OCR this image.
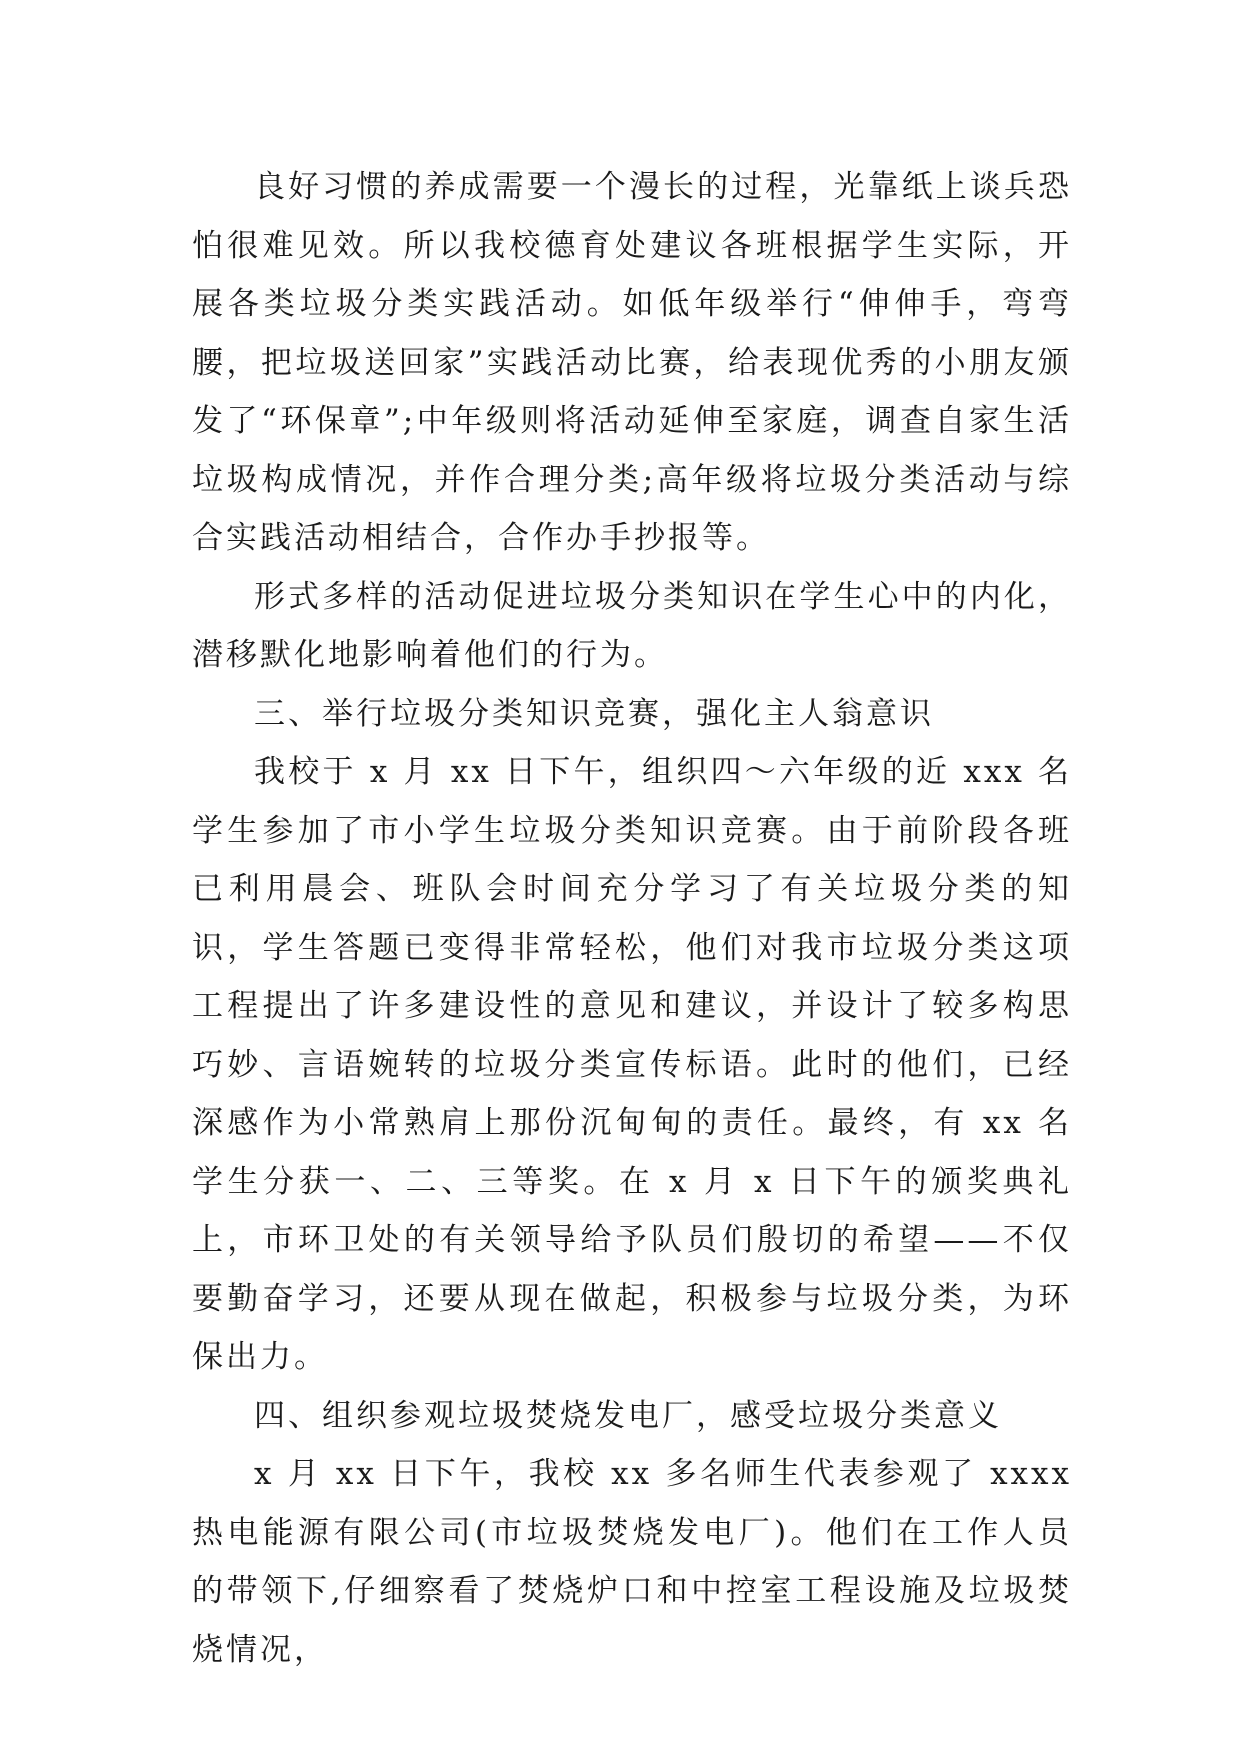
良好习惯的养成需要一个漫长的过程，光靠纸上谈兵恐怕很难见效。所以我校德育处建议各班根据学生实际，开展各类垃圾分类实践活动。如低年级举行“伸伸手，弯弯腰，把垃圾送回家”实践活动比赛，给表现优秀的小朋友颁发了“环保章”;中年级则将活动延伸至家庭，调查自家生活垃圾构成情况，并作合理分类;高年级将垃圾分类活动与综合实践活动相结合，合作办手抄报等。

形式多样的活动促进垃圾分类知识在学生心中的内化，潜移默化地影响着他们的行为。

三、举行垃圾分类知识竞赛，强化主人翁意识

我校于 x 月 xx 日下午，组织四～六年级的近 xxx 名学生参加了市小学生垃圾分类知识竞赛。由于前阶段各班已利用晨会、班队会时间充分学习了有关垃圾分类的知识，学生答题已变得非常轻松，他们对我市垃圾分类这项工程提出了许多建设性的意见和建议，并设计了较多构思巧妙、言语婉转的垃圾分类宣传标语。此时的他们，已经深感作为小常熟肩上那份沉甸甸的责任。最终，有 xx 名学生分获一、二、三等奖。在 x 月 x 日下午的颁奖典礼上，市环卫处的有关领导给予队员们殷切的希望——不仅要勤奋学习，还要从现在做起，积极参与垃圾分类，为环保出力。

四、组织参观垃圾焚烧发电厂，感受垃圾分类意义

x 月 xx 日下午，我校 xx 多名师生代表参观了 xxxx 热电能源有限公司(市垃圾焚烧发电厂)。他们在工作人员的带领下,仔细察看了焚烧炉口和中控室工程设施及垃圾焚烧情况，
